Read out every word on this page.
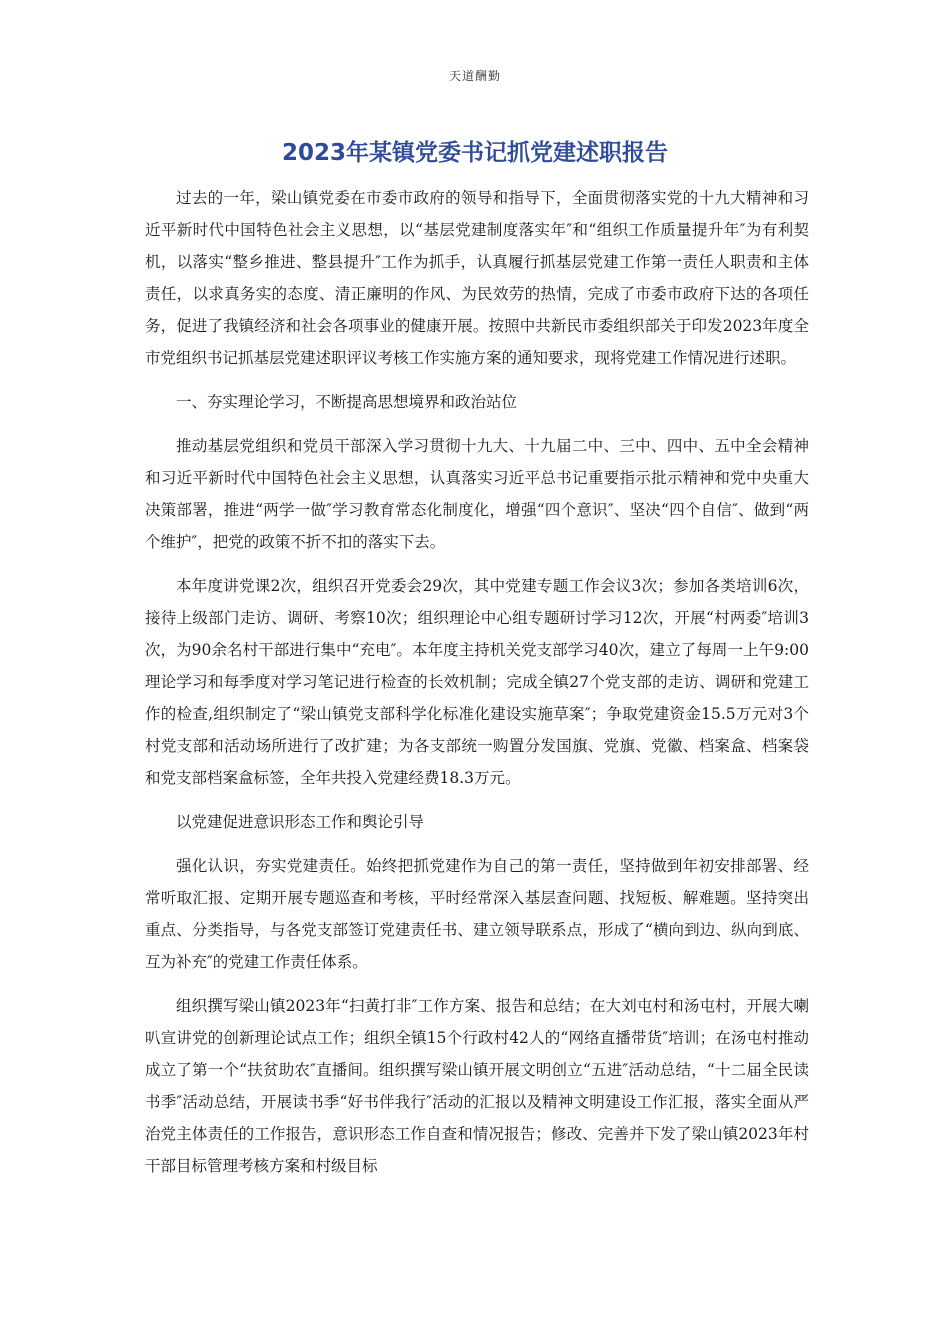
天道酬勤
2023年某镇党委书记抓党建述职报告

过去的一年，梁山镇党委在市委市政府的领导和指导下，全面贯彻落实党的十九大精神和习近平新时代中国特色社会主义思想，以“基层党建制度落实年″和“组织工作质量提升年″为有利契机，以落实“整乡推进、整县提升″工作为抓手，认真履行抓基层党建工作第一责任人职责和主体责任，以求真务实的态度、清正廉明的作风、为民效劳的热情，完成了市委市政府下达的各项任务，促进了我镇经济和社会各项事业的健康开展。按照中共新民市委组织部关于印发2023年度全市党组织书记抓基层党建述职评议考核工作实施方案的通知要求，现将党建工作情况进行述职。

一、夯实理论学习，不断提高思想境界和政治站位

推动基层党组织和党员干部深入学习贯彻十九大、十九届二中、三中、四中、五中全会精神和习近平新时代中国特色社会主义思想，认真落实习近平总书记重要指示批示精神和党中央重大决策部署，推进“两学一做″学习教育常态化制度化，增强“四个意识″、坚决“四个自信″、做到“两个维护″，把党的政策不折不扣的落实下去。

本年度讲党课2次，组织召开党委会29次，其中党建专题工作会议3次；参加各类培训6次，接待上级部门走访、调研、考察10次；组织理论中心组专题研讨学习12次，开展“村两委″培训3次，为90余名村干部进行集中“充电″。本年度主持机关党支部学习40次，建立了每周一上午9:00理论学习和每季度对学习笔记进行检查的长效机制；完成全镇27个党支部的走访、调研和党建工作的检查,组织制定了“梁山镇党支部科学化标准化建设实施草案″；争取党建资金15.5万元对3个村党支部和活动场所进行了改扩建；为各支部统一购置分发国旗、党旗、党徽、档案盒、档案袋和党支部档案盒标签，全年共投入党建经费18.3万元。

以党建促进意识形态工作和舆论引导

强化认识，夯实党建责任。始终把抓党建作为自己的第一责任，坚持做到年初安排部署、经常听取汇报、定期开展专题巡查和考核，平时经常深入基层查问题、找短板、解难题。坚持突出重点、分类指导，与各党支部签订党建责任书、建立领导联系点，形成了“横向到边、纵向到底、互为补充″的党建工作责任体系。

组织撰写梁山镇2023年“扫黄打非″工作方案、报告和总结；在大刘屯村和汤屯村，开展大喇叭宣讲党的创新理论试点工作；组织全镇15个行政村42人的“网络直播带货″培训；在汤屯村推动成立了第一个“扶贫助农″直播间。组织撰写梁山镇开展文明创立“五进″活动总结，“十二届全民读书季″活动总结，开展读书季“好书伴我行″活动的汇报以及精神文明建设工作汇报，落实全面从严治党主体责任的工作报告，意识形态工作自查和情况报告；修改、完善并下发了梁山镇2023年村干部目标管理考核方案和村级目标
